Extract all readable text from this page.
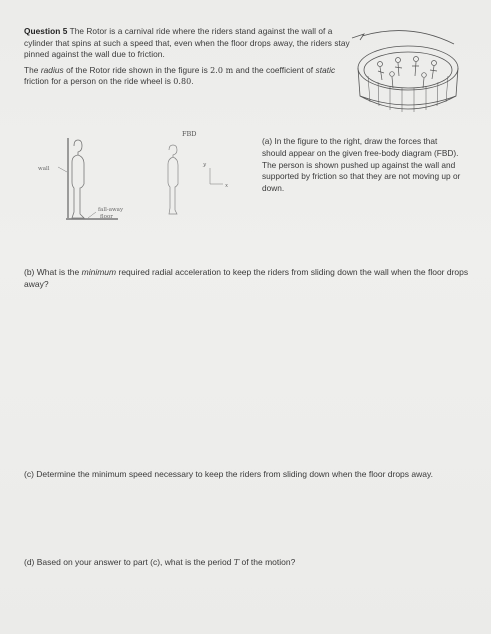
Question 5 The Rotor is a carnival ride where the riders stand against the wall of a cylinder that spins at such a speed that, even when the floor drops away, the riders stay pinned against the wall due to friction.

The radius of the Rotor ride shown in the figure is 2.0 m and the coefficient of static friction for a person on the ride wheel is 0.80.

wall
fall-away
floor
FBD
y
x
(a) In the figure to the right, draw the forces that should appear on the given free-body diagram (FBD). The person is shown pushed up against the wall and supported by friction so that they are not moving up or down.
(b) What is the minimum required radial acceleration to keep the riders from sliding down the wall when the floor drops away?
(c) Determine the minimum speed necessary to keep the riders from sliding down when the floor drops away.
(d) Based on your answer to part (c), what is the period T of the motion?
